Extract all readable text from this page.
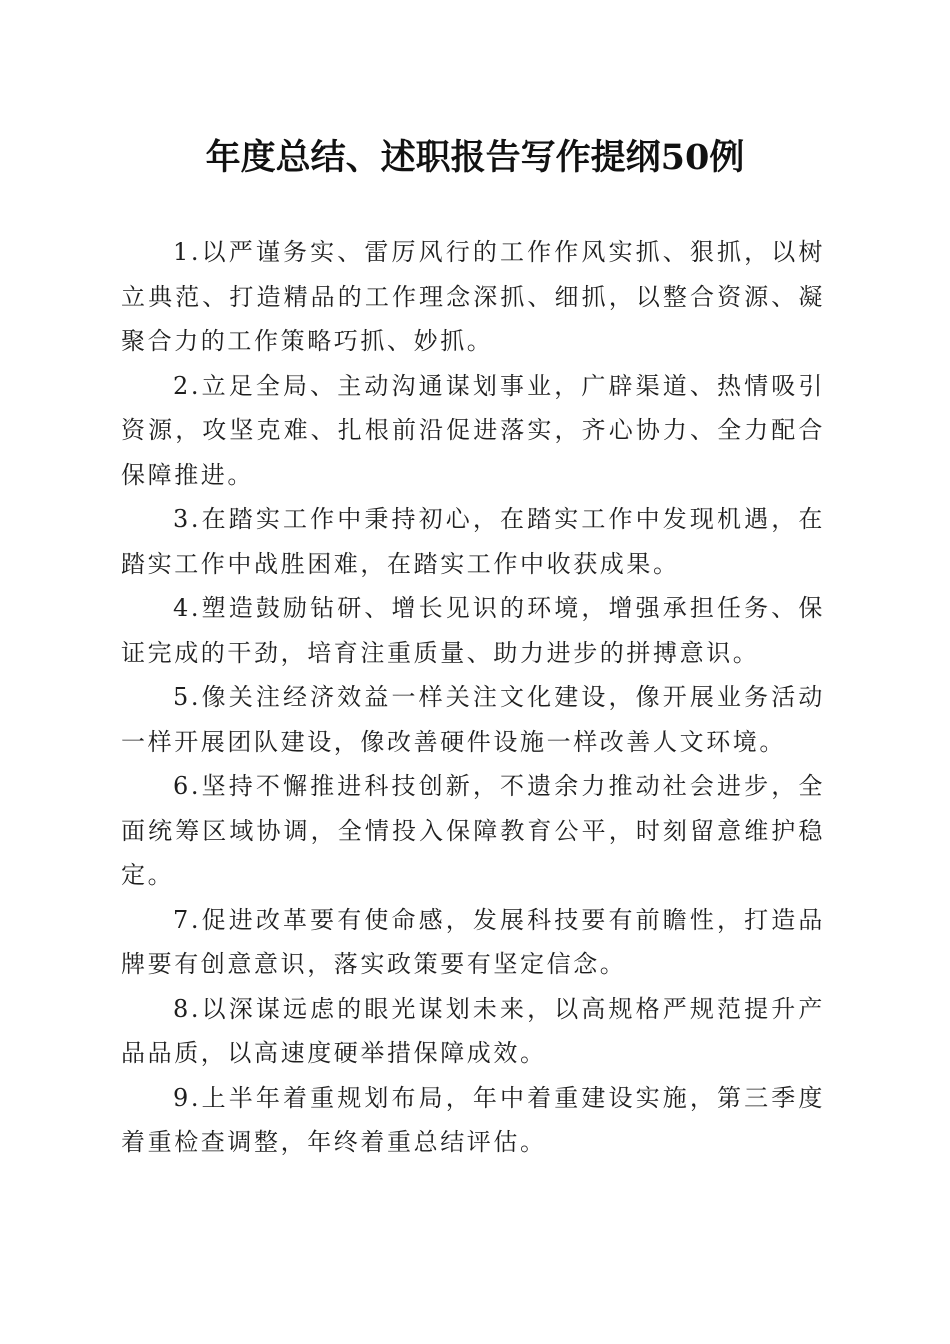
年度总结、述职报告写作提纲50例

1.以严谨务实、雷厉风行的工作作风实抓、狠抓，以树立典范、打造精品的工作理念深抓、细抓，以整合资源、凝聚合力的工作策略巧抓、妙抓。

2.立足全局、主动沟通谋划事业，广辟渠道、热情吸引资源，攻坚克难、扎根前沿促进落实，齐心协力、全力配合保障推进。

3.在踏实工作中秉持初心，在踏实工作中发现机遇，在踏实工作中战胜困难，在踏实工作中收获成果。

4.塑造鼓励钻研、增长见识的环境，增强承担任务、保证完成的干劲，培育注重质量、助力进步的拼搏意识。

5.像关注经济效益一样关注文化建设，像开展业务活动一样开展团队建设，像改善硬件设施一样改善人文环境。

6.坚持不懈推进科技创新，不遗余力推动社会进步，全面统筹区域协调，全情投入保障教育公平，时刻留意维护稳定。

7.促进改革要有使命感，发展科技要有前瞻性，打造品牌要有创意意识，落实政策要有坚定信念。

8.以深谋远虑的眼光谋划未来，以高规格严规范提升产品品质，以高速度硬举措保障成效。

9.上半年着重规划布局，年中着重建设实施，第三季度着重检查调整，年终着重总结评估。
